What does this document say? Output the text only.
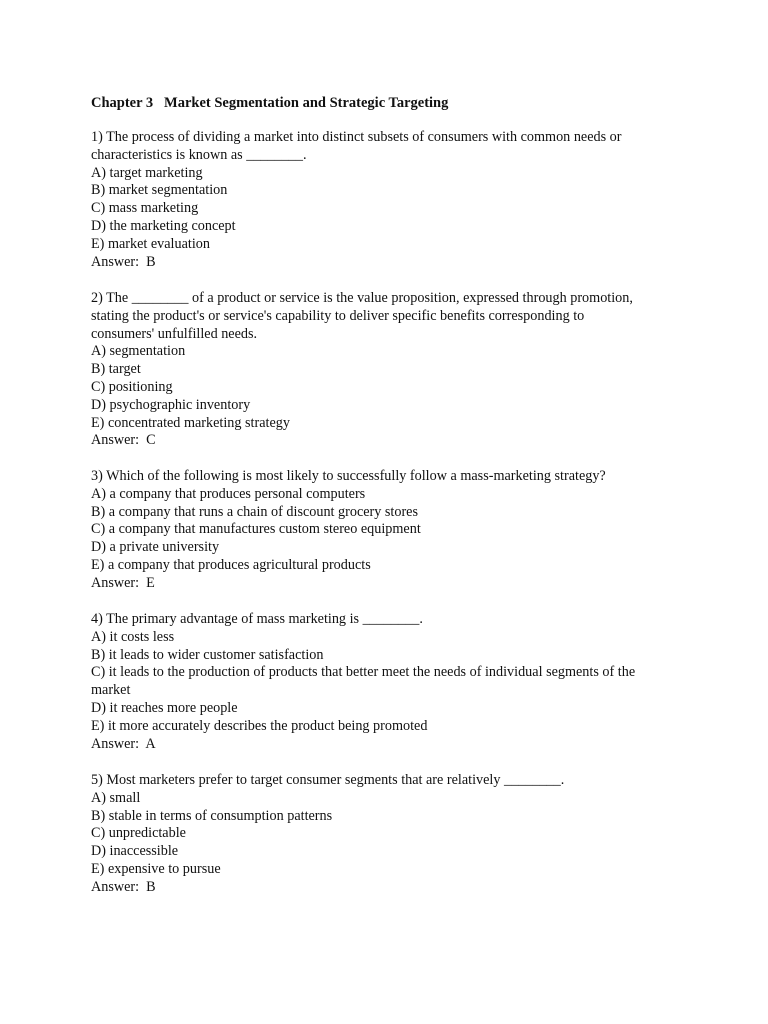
Chapter 3   Market Segmentation and Strategic Targeting
1) The process of dividing a market into distinct subsets of consumers with common needs or
characteristics is known as ________.
A) target marketing
B) market segmentation
C) mass marketing
D) the marketing concept
E) market evaluation
Answer:  B
2) The ________ of a product or service is the value proposition, expressed through promotion,
stating the product's or service's capability to deliver specific benefits corresponding to
consumers' unfulfilled needs.
A) segmentation
B) target
C) positioning
D) psychographic inventory
E) concentrated marketing strategy
Answer:  C
3) Which of the following is most likely to successfully follow a mass-marketing strategy?
A) a company that produces personal computers
B) a company that runs a chain of discount grocery stores
C) a company that manufactures custom stereo equipment
D) a private university
E) a company that produces agricultural products
Answer:  E
4) The primary advantage of mass marketing is ________.
A) it costs less
B) it leads to wider customer satisfaction
C) it leads to the production of products that better meet the needs of individual segments of the
market
D) it reaches more people
E) it more accurately describes the product being promoted
Answer:  A
5) Most marketers prefer to target consumer segments that are relatively ________.
A) small
B) stable in terms of consumption patterns
C) unpredictable
D) inaccessible
E) expensive to pursue
Answer:  B
